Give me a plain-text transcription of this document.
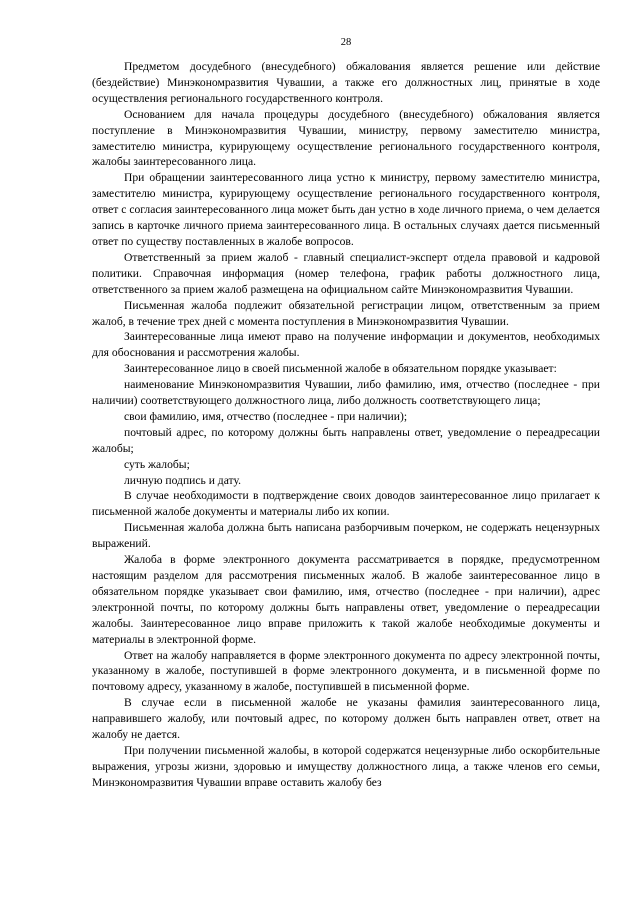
28

Предметом досудебного (внесудебного) обжалования является решение или действие (бездействие) Минэкономразвития Чувашии, а также его должностных лиц, принятые в ходе осуществления регионального государственного контроля.

Основанием для начала процедуры досудебного (внесудебного) обжалования является поступление в Минэкономразвития Чувашии, министру, первому заместителю министра, заместителю министра, курирующему осуществление регионального государственного контроля, жалобы заинтересованного лица.

При обращении заинтересованного лица устно к министру, первому заместителю министра, заместителю министра, курирующему осуществление регионального государственного контроля, ответ с согласия заинтересованного лица может быть дан устно в ходе личного приема, о чем делается запись в карточке личного приема заинтересованного лица. В остальных случаях дается письменный ответ по существу поставленных в жалобе вопросов.

Ответственный за прием жалоб - главный специалист-эксперт отдела правовой и кадровой политики. Справочная информация (номер телефона, график работы должностного лица, ответственного за прием жалоб размещена на официальном сайте Минэкономразвития Чувашии.

Письменная жалоба подлежит обязательной регистрации лицом, ответственным за прием жалоб, в течение трех дней с момента поступления в Минэкономразвития Чувашии.

Заинтересованные лица имеют право на получение информации и документов, необходимых для обоснования и рассмотрения жалобы.

Заинтересованное лицо в своей письменной жалобе в обязательном порядке указывает:

наименование Минэкономразвития Чувашии, либо фамилию, имя, отчество (последнее - при наличии) соответствующего должностного лица, либо должность соответствующего лица;

свои фамилию, имя, отчество (последнее - при наличии);

почтовый адрес, по которому должны быть направлены ответ, уведомление о переадресации жалобы;

суть жалобы;

личную подпись и дату.

В случае необходимости в подтверждение своих доводов заинтересованное лицо прилагает к письменной жалобе документы и материалы либо их копии.

Письменная жалоба должна быть написана разборчивым почерком, не содержать нецензурных выражений.

Жалоба в форме электронного документа рассматривается в порядке, предусмотренном настоящим разделом для рассмотрения письменных жалоб. В жалобе заинтересованное лицо в обязательном порядке указывает свои фамилию, имя, отчество (последнее - при наличии), адрес электронной почты, по которому должны быть направлены ответ, уведомление о переадресации жалобы. Заинтересованное лицо вправе приложить к такой жалобе необходимые документы и материалы в электронной форме.

Ответ на жалобу направляется в форме электронного документа по адресу электронной почты, указанному в жалобе, поступившей в форме электронного документа, и в письменной форме по почтовому адресу, указанному в жалобе, поступившей в письменной форме.

В случае если в письменной жалобе не указаны фамилия заинтересованного лица, направившего жалобу, или почтовый адрес, по которому должен быть направлен ответ, ответ на жалобу не дается.

При получении письменной жалобы, в которой содержатся нецензурные либо оскорбительные выражения, угрозы жизни, здоровью и имуществу должностного лица, а также членов его семьи, Минэкономразвития Чувашии вправе оставить жалобу без
